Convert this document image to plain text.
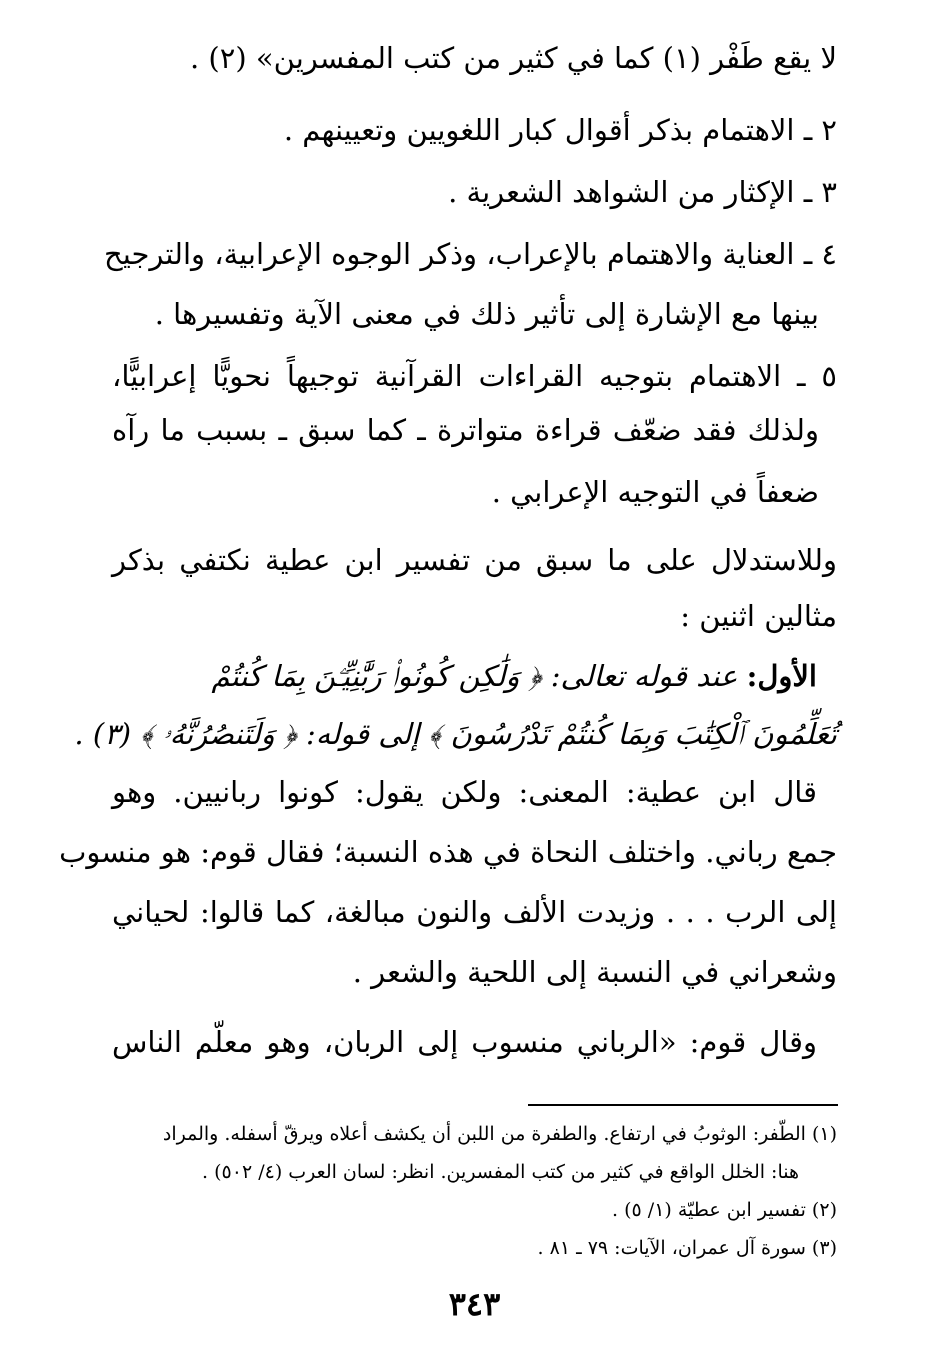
لا يقع طَفْر (١) كما في كثير من كتب المفسرين» (٢) .
٢ ـ الاهتمام بذكر أقوال كبار اللغويين وتعيينهم .
٣ ـ الإكثار من الشواهد الشعرية .
٤ ـ العناية والاهتمام بالإعراب، وذكر الوجوه الإعرابية، والترجيح
بينها مع الإشارة إلى تأثير ذلك في معنى الآية وتفسيرها .
٥ ـ الاهتمام بتوجيه القراءات القرآنية توجيهاً نحويًّا إعرابيًّا،
ولذلك فقد ضعّف قراءة متواترة ـ كما سبق ـ بسبب ما رآه
ضعفاً في التوجيه الإعرابي .
وللاستدلال على ما سبق من تفسير ابن عطية نكتفي بذكر
مثالين اثنين :
الأول: عند قوله تعالى: ﴿ وَلَٰكِن كُونُوا۟ رَبَّٰنِيِّـۧنَ بِمَا كُنتُمْ
تُعَلِّمُونَ ٱلْكِتَٰبَ وَبِمَا كُنتُمْ تَدْرُسُونَ ﴾ إلى قوله: ﴿ وَلَتَنصُرُنَّهُۥ ﴾ (٣) .
قال ابن عطية: المعنى: ولكن يقول: كونوا ربانيين. وهو
جمع رباني. واختلف النحاة في هذه النسبة؛ فقال قوم: هو منسوب
إلى الرب . . . وزيدت الألف والنون مبالغة، كما قالوا: لحياني
وشعراني في النسبة إلى اللحية والشعر .
وقال قوم: «الرباني منسوب إلى الربان، وهو معلّم الناس
(١) الطّفر: الوثوبُ في ارتفاع. والطفرة من اللبن أن يكشف أعلاه ويرقّ أسفله. والمراد
هنا: الخلل الواقع في كثير من كتب المفسرين. انظر: لسان العرب (٤/ ٥٠٢) .
(٢) تفسير ابن عطيّة (١/ ٥) .
(٣) سورة آل عمران، الآيات: ٧٩ ـ ٨١ .
٣٤٣
